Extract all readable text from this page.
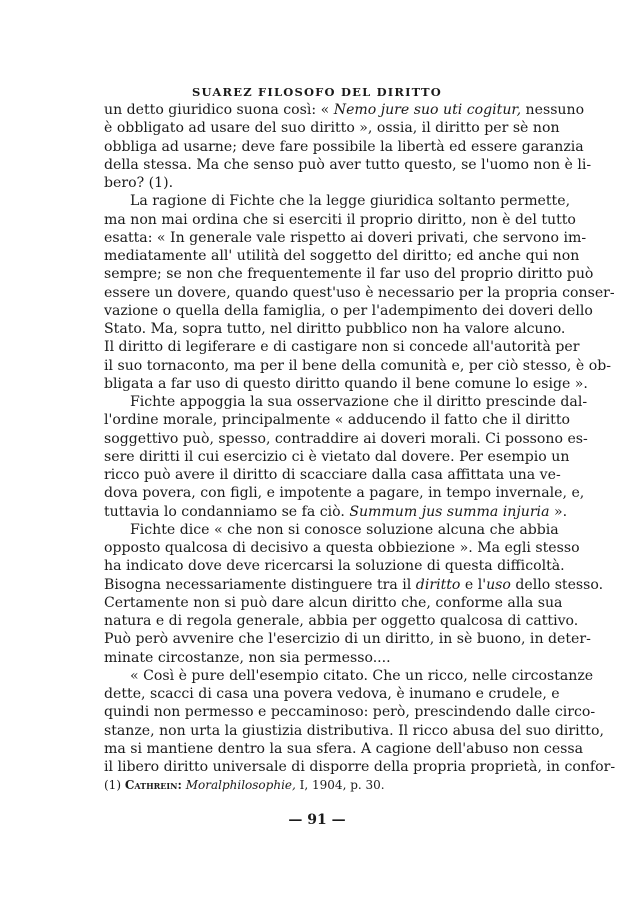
SUAREZ FILOSOFO DEL DIRITTO

un detto giuridico suona così: « Nemo jure suo uti cogitur, nessuno
è obbligato ad usare del suo diritto », ossia, il diritto per sè non
obbliga ad usarne; deve fare possibile la libertà ed essere garanzia
della stessa. Ma che senso può aver tutto questo, se l'uomo non è li-
bero? (1).

La ragione di Fichte che la legge giuridica soltanto permette,
ma non mai ordina che si eserciti il proprio diritto, non è del tutto
esatta: « In generale vale rispetto ai doveri privati, che servono im-
mediatamente all' utilità del soggetto del diritto; ed anche qui non
sempre; se non che frequentemente il far uso del proprio diritto può
essere un dovere, quando quest'uso è necessario per la propria conser-
vazione o quella della famiglia, o per l'adempimento dei doveri dello
Stato. Ma, sopra tutto, nel diritto pubblico non ha valore alcuno.
Il diritto di legiferare e di castigare non si concede all'autorità per
il suo tornaconto, ma per il bene della comunità e, per ciò stesso, è ob-
bligata a far uso di questo diritto quando il bene comune lo esige ».

Fichte appoggia la sua osservazione che il diritto prescinde dal-
l'ordine morale, principalmente « adducendo il fatto che il diritto
soggettivo può, spesso, contraddire ai doveri morali. Ci possono es-
sere diritti il cui esercizio ci è vietato dal dovere. Per esempio un
ricco può avere il diritto di scacciare dalla casa affittata una ve-
dova povera, con figli, e impotente a pagare, in tempo invernale, e,
tuttavia lo condanniamo se fa ciò. Summum jus summa injuria ».

Fichte dice « che non si conosce soluzione alcuna che abbia
opposto qualcosa di decisivo a questa obbiezione ». Ma egli stesso
ha indicato dove deve ricercarsi la soluzione di questa difficoltà.
Bisogna necessariamente distinguere tra il diritto e l'uso dello stesso.
Certamente non si può dare alcun diritto che, conforme alla sua
natura e di regola generale, abbia per oggetto qualcosa di cattivo.
Può però avvenire che l'esercizio di un diritto, in sè buono, in deter-
minate circostanze, non sia permesso....

« Così è pure dell'esempio citato. Che un ricco, nelle circostanze
dette, scacci di casa una povera vedova, è inumano e crudele, e
quindi non permesso e peccaminoso: però, prescindendo dalle circo-
stanze, non urta la giustizia distributiva. Il ricco abusa del suo diritto,
ma si mantiene dentro la sua sfera. A cagione dell'abuso non cessa
il libero diritto universale di disporre della propria proprietà, in confor-

(1) Cathrein: Moralphilosophie, I, 1904, p. 30.
— 91 —
